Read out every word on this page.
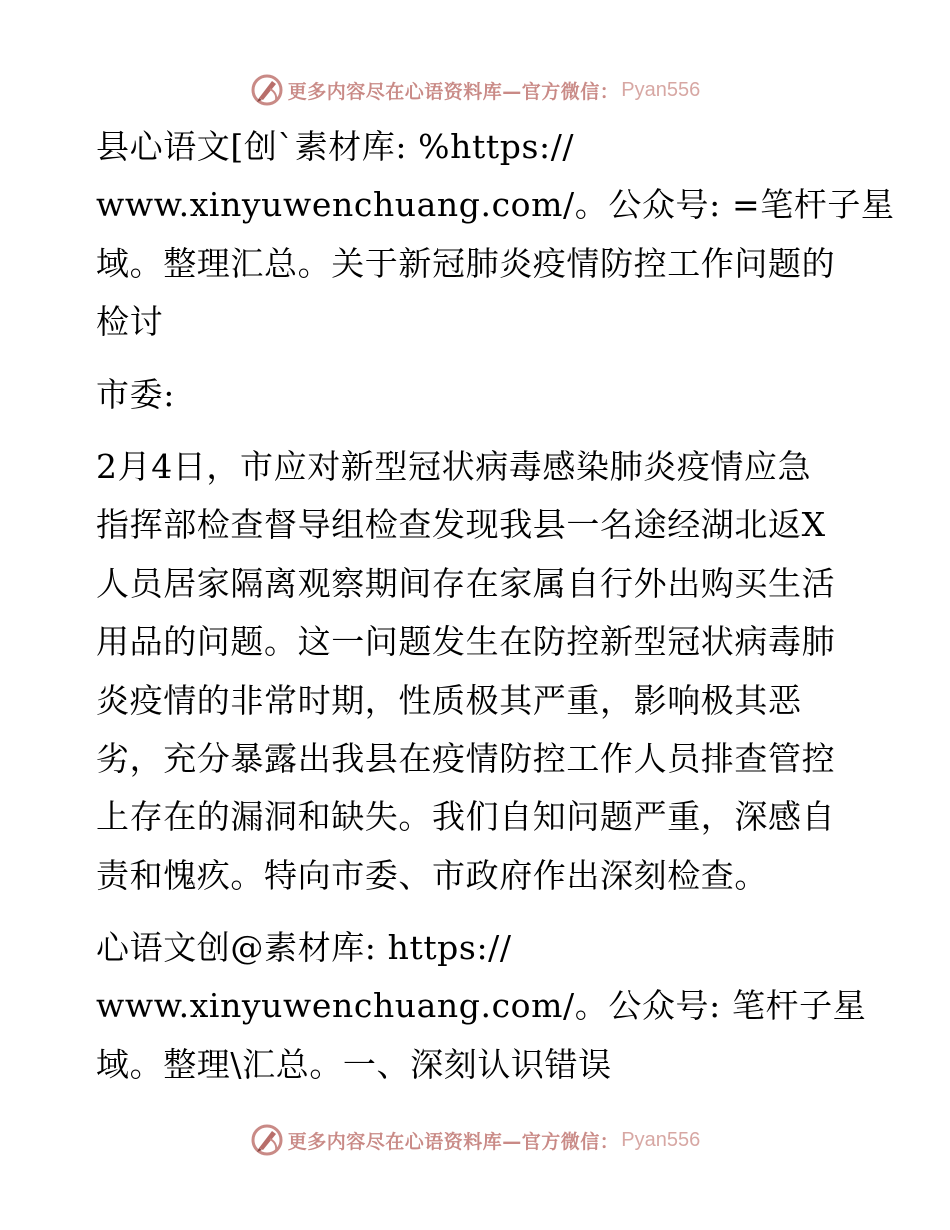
更多内容尽在心语资料库—官方微信： Pyan556
县心语文[创`素材库: %https://
www.xinyuwenchuang.com/。公众号: =笔杆子星
域。整理汇总。关于新冠肺炎疫情防控工作问题的
检讨
市委:
2月4日，市应对新型冠状病毒感染肺炎疫情应急
指挥部检查督导组检查发现我县一名途经湖北返X
人员居家隔离观察期间存在家属自行外出购买生活
用品的问题。这一问题发生在防控新型冠状病毒肺
炎疫情的非常时期，性质极其严重，影响极其恶
劣，充分暴露出我县在疫情防控工作人员排查管控
上存在的漏洞和缺失。我们自知问题严重，深感自
责和愧疚。特向市委、市政府作出深刻检查。
心语文创@素材库: https://
www.xinyuwenchuang.com/。公众号: 笔杆子星
域。整理\汇总。一、深刻认识错误
更多内容尽在心语资料库—官方微信： Pyan556
